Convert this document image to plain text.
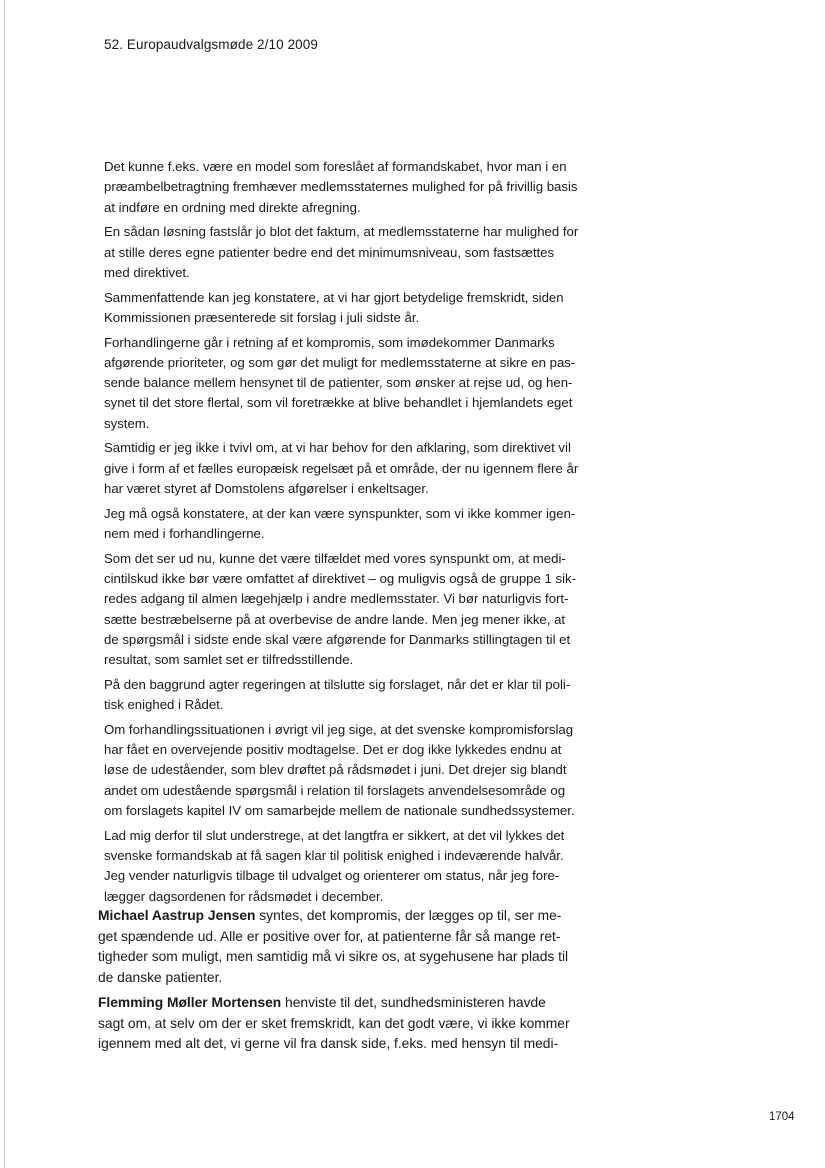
52. Europaudvalgsmøde 2/10 2009

Det kunne f.eks. være en model som foreslået af formandskabet, hvor man i en
præambelbetragtning fremhæver medlemsstaternes mulighed for på frivillig basis
at indføre en ordning med direkte afregning.

En sådan løsning fastslår jo blot det faktum, at medlemsstaterne har mulighed for
at stille deres egne patienter bedre end det minimumsniveau, som fastsættes
med direktivet.

Sammenfattende kan jeg konstatere, at vi har gjort betydelige fremskridt, siden
Kommissionen præsenterede sit forslag i juli sidste år.

Forhandlingerne går i retning af et kompromis, som imødekommer Danmarks
afgørende prioriteter, og som gør det muligt for medlemsstaterne at sikre en pas-
sende balance mellem hensynet til de patienter, som ønsker at rejse ud, og hen-
synet til det store flertal, som vil foretrække at blive behandlet i hjemlandets eget
system.

Samtidig er jeg ikke i tvivl om, at vi har behov for den afklaring, som direktivet vil
give i form af et fælles europæisk regelsæt på et område, der nu igennem flere år
har været styret af Domstolens afgørelser i enkeltsager.

Jeg må også konstatere, at der kan være synspunkter, som vi ikke kommer igen-
nem med i forhandlingerne.

Som det ser ud nu, kunne det være tilfældet med vores synspunkt om, at medi-
cintilskud ikke bør være omfattet af direktivet – og muligvis også de gruppe 1 sik-
redes adgang til almen lægehjælp i andre medlemsstater. Vi bør naturligvis fort-
sætte bestræbelserne på at overbevise de andre lande. Men jeg mener ikke, at
de spørgsmål i sidste ende skal være afgørende for Danmarks stillingtagen til et
resultat, som samlet set er tilfredsstillende.

På den baggrund agter regeringen at tilslutte sig forslaget, når det er klar til poli-
tisk enighed i Rådet.

Om forhandlingssituationen i øvrigt vil jeg sige, at det svenske kompromisforslag
har fået en overvejende positiv modtagelse. Det er dog ikke lykkedes endnu at
løse de udeståender, som blev drøftet på rådsmødet i juni. Det drejer sig blandt
andet om udestående spørgsmål i relation til forslagets anvendelsesområde og
om forslagets kapitel IV om samarbejde mellem de nationale sundhedssystemer.

Lad mig derfor til slut understrege, at det langtfra er sikkert, at det vil lykkes det
svenske formandskab at få sagen klar til politisk enighed i indeværende halvår.
Jeg vender naturligvis tilbage til udvalget og orienterer om status, når jeg fore-
lægger dagsordenen for rådsmødet i december.

Michael Aastrup Jensen syntes, det kompromis, der lægges op til, ser me-
get spændende ud. Alle er positive over for, at patienterne får så mange ret-
tigheder som muligt, men samtidig må vi sikre os, at sygehusene har plads til
de danske patienter.

Flemming Møller Mortensen henviste til det, sundhedsministeren havde
sagt om, at selv om der er sket fremskridt, kan det godt være, vi ikke kommer
igennem med alt det, vi gerne vil fra dansk side, f.eks. med hensyn til medi-

1704
